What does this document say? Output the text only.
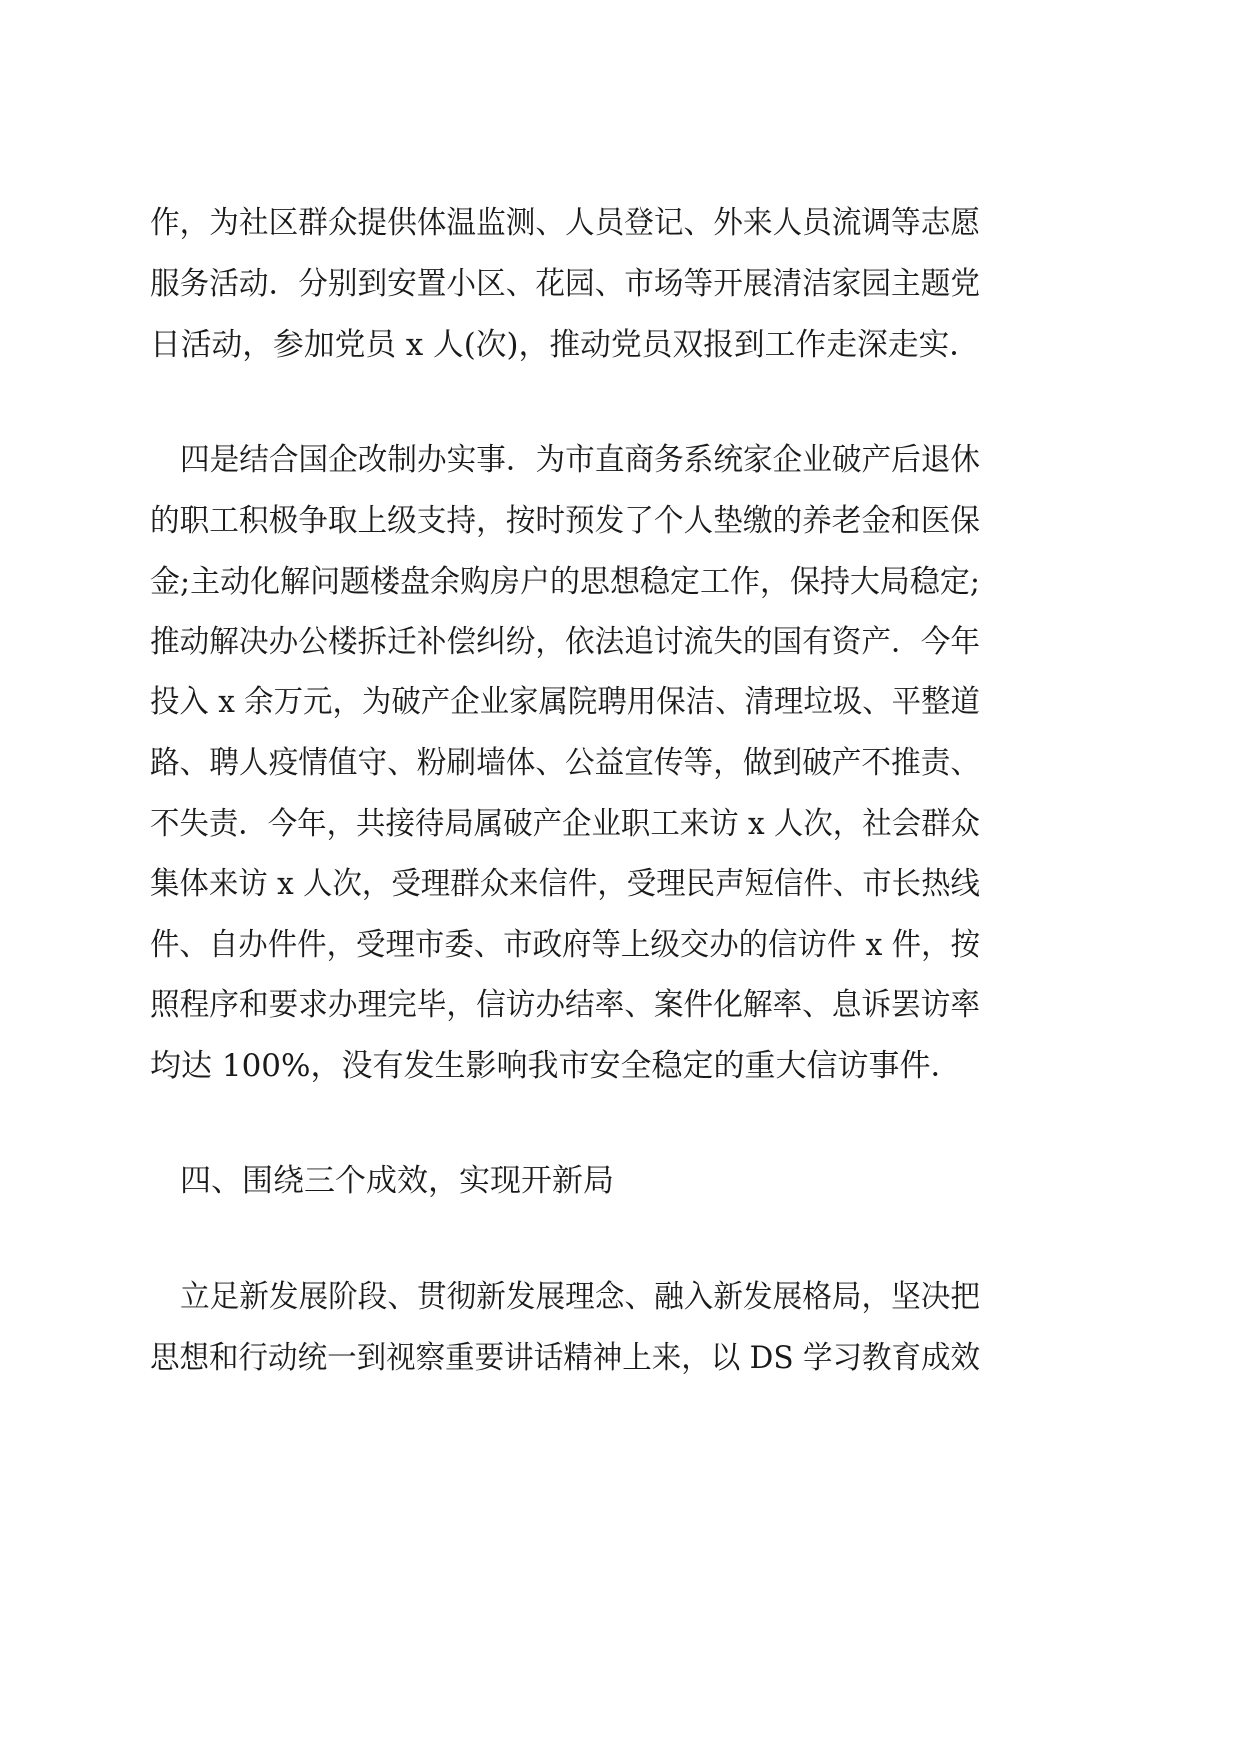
作，为社区群众提供体温监测、人员登记、外来人员流调等志愿
服务活动．分别到安置小区、花园、市场等开展清洁家园主题党
日活动，参加党员 x 人(次)，推动党员双报到工作走深走实．
四是结合国企改制办实事．为市直商务系统家企业破产后退休
的职工积极争取上级支持，按时预发了个人垫缴的养老金和医保
金;主动化解问题楼盘余购房户的思想稳定工作，保持大局稳定;
推动解决办公楼拆迁补偿纠纷，依法追讨流失的国有资产．今年
投入 x 余万元，为破产企业家属院聘用保洁、清理垃圾、平整道
路、聘人疫情值守、粉刷墙体、公益宣传等，做到破产不推责、
不失责．今年，共接待局属破产企业职工来访 x 人次，社会群众
集体来访 x 人次，受理群众来信件，受理民声短信件、市长热线
件、自办件件，受理市委、市政府等上级交办的信访件 x 件，按
照程序和要求办理完毕，信访办结率、案件化解率、息诉罢访率
均达 100%，没有发生影响我市安全稳定的重大信访事件．
四、围绕三个成效，实现开新局
立足新发展阶段、贯彻新发展理念、融入新发展格局，坚决把
思想和行动统一到视察重要讲话精神上来，以 DS 学习教育成效
